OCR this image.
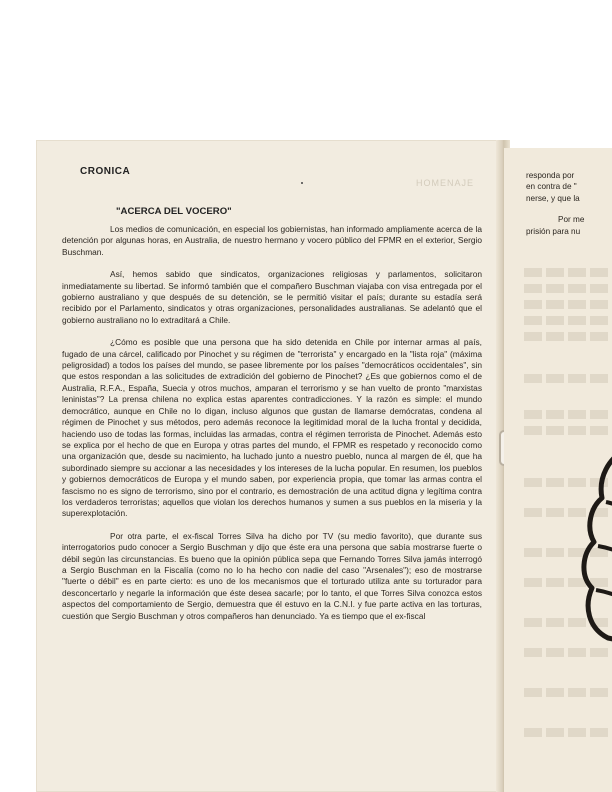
CRONICA
HOMENAJE
"ACERCA DEL VOCERO"

Los medios de comunicación, en especial los gobiernistas, han informado ampliamente acerca de la detención por algunas horas, en Australia, de nuestro hermano y vocero público del FPMR en el exterior, Sergio Buschman.

Así, hemos sabido que sindicatos, organizaciones religiosas y parlamentos, solicitaron inmediatamente su libertad. Se informó también que el compañero Buschman viajaba con visa entregada por el gobierno australiano y que después de su detención, se le permitió visitar el país; durante su estadía será recibido por el Parlamento, sindicatos y otras organizaciones, personalidades australianas. Se adelantó que el gobierno australiano no lo extraditará a Chile.

¿Cómo es posible que una persona que ha sido detenida en Chile por internar armas al país, fugado de una cárcel, calificado por Pinochet y su régimen de "terrorista" y encargado en la "lista roja" (máxima peligrosidad) a todos los países del mundo, se pasee libremente por los países "democráticos occidentales", sin que estos respondan a las solicitudes de extradición del gobierno de Pinochet? ¿Es que gobiernos como el de Australia, R.F.A., España, Suecia y otros muchos, amparan el terrorismo y se han vuelto de pronto "marxistas leninistas"? La prensa chilena no explica estas aparentes contradicciones. Y la razón es simple: el mundo democrático, aunque en Chile no lo digan, incluso algunos que gustan de llamarse demócratas, condena al régimen de Pinochet y sus métodos, pero además reconoce la legitimidad moral de la lucha frontal y decidida, haciendo uso de todas las formas, incluidas las armadas, contra el régimen terrorista de Pinochet. Además esto se explica por el hecho de que en Europa y otras partes del mundo, el FPMR es respetado y reconocido como una organización que, desde su nacimiento, ha luchado junto a nuestro pueblo, nunca al margen de él, que ha subordinado siempre su accionar a las necesidades y los intereses de la lucha popular. En resumen, los pueblos y gobiernos democráticos de Europa y el mundo saben, por experiencia propia, que tomar las armas contra el fascismo no es signo de terrorismo, sino por el contrario, es demostración de una actitud digna y legítima contra los verdaderos terroristas; aquellos que violan los derechos humanos y sumen a sus pueblos en la miseria y la superexplotación.

Por otra parte, el ex-fiscal Torres Silva ha dicho por TV (su medio favorito), que durante sus interrogatorios pudo conocer a Sergio Buschman y dijo que éste era una persona que sabía mostrarse fuerte o débil según las circunstancias. Es bueno que la opinión pública sepa que Fernando Torres Silva jamás interrogó a Sergio Buschman en la Fiscalía (como no lo ha hecho con nadie del caso "Arsenales"); eso de mostrarse "fuerte o débil" es en parte cierto: es uno de los mecanismos que el torturado utiliza ante su torturador para desconcertarlo y negarle la información que éste desea sacarle; por lo tanto, el que Torres Silva conozca estos aspectos del comportamiento de Sergio, demuestra que él estuvo en la C.N.I. y fue parte activa en las torturas, cuestión que Sergio Buschman y otros compañeros han denunciado. Ya es tiempo que el ex-fiscal

responda por
en contra de "
nerse, y que la
Por me
prisión para nu
